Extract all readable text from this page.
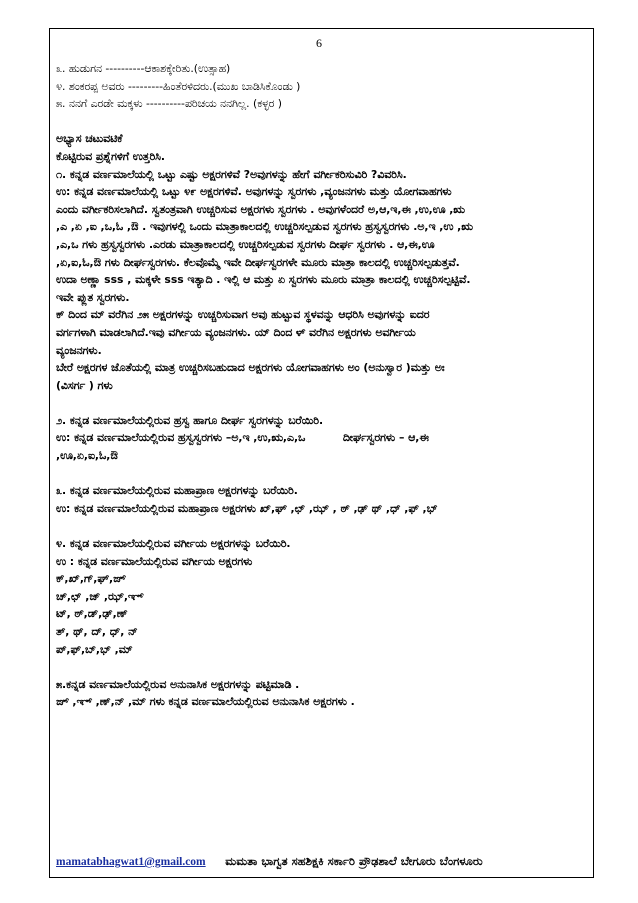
6

೩. ಹುಡುಗನ ----------ಆಕಾಶಕ್ಕೇರಿತು.(ಉತ್ಸಾಹ)

೪. ಶಂಕರಪ್ಪ ಅವರು ---------ಹಿಂತೆರಳಿದರು.(ಮುಖ ಬಾಡಿಸಿಕೊಂಡು )

೫. ನನಗೆ ಎರಡೇ ಮಕ್ಕಳು ----------ಪರಿಚಯ ನನಗಿಲ್ಲ. (ಕಳ್ಳರ )

ಅಭ್ಯಾಸ ಚಟುವಟಿಕೆ

ಕೊಟ್ಟಿರುವ ಪ್ರಶ್ನೆಗಳಿಗೆ ಉತ್ತರಿಸಿ.

೧. ಕನ್ನಡ ವರ್ಣಮಾಲೆಯಲ್ಲಿ ಒಟ್ಟು ಎಷ್ಟು ಅಕ್ಷರಗಳಿವೆ ?ಅವುಗಳನ್ನು ಹೇಗೆ ವರ್ಗೀಕರಿಸುವಿರಿ ?ವಿವರಿಸಿ.

ಉ: ಕನ್ನಡ ವರ್ಣಮಾಲೆಯಲ್ಲಿ ಒಟ್ಟು ೪೯ ಅಕ್ಷರಗಳಿವೆ. ಅವುಗಳನ್ನು ಸ್ವರಗಳು ,ವ್ಯಂಜನಗಳು ಮತ್ತು ಯೋಗವಾಹಗಳು

ಎಂದು ವರ್ಗೀಕರಿಸಲಾಗಿದೆ. ಸ್ವತಂತ್ರವಾಗಿ ಉಚ್ಚರಿಸುವ ಅಕ್ಷರಗಳು ಸ್ವರಗಳು . ಅವುಗಳೆಂದರೆ ಅ,ಆ,ಇ,ಈ ,ಉ,ಊ ,ಋ

,ಎ ,ಏ ,ಐ ,ಒ,ಓ ,ಔ . ಇವುಗಳಲ್ಲಿ ಒಂದು ಮಾತ್ರಾಕಾಲದಲ್ಲಿ ಉಚ್ಚರಿಸಲ್ಪಡುವ ಸ್ವರಗಳು ಹ್ರಸ್ವಸ್ವರಗಳು .ಅ,ಇ ,ಉ ,ಋ

,ಎ,ಒ ಗಳು ಹ್ರಸ್ವಸ್ವರಗಳು .ಎರಡು ಮಾತ್ರಾಕಾಲದಲ್ಲಿ ಉಚ್ಚರಿಸಲ್ಪಡುವ ಸ್ವರಗಳು ದೀರ್ಘ ಸ್ವರಗಳು . ಆ,ಈ,ಊ

,ಏ,ಐ,ಓ,ಔ ಗಳು ದೀರ್ಘಸ್ವರಗಳು. ಕೆಲವೊಮ್ಮೆ ಇವೇ ದೀರ್ಘಸ್ವರಗಳೇ ಮೂರು ಮಾತ್ರಾ ಕಾಲದಲ್ಲಿ ಉಚ್ಚರಿಸಲ್ಪಡುತ್ತವೆ.

ಉದಾ ಅಣ್ಣಾ sss , ಮಕ್ಕಳೇ sss ಇತ್ಯಾದಿ . ಇಲ್ಲಿ ಆ ಮತ್ತು ಏ ಸ್ವರಗಳು ಮೂರು ಮಾತ್ರಾ ಕಾಲದಲ್ಲಿ ಉಚ್ಚರಿಸಲ್ಪಟ್ಟಿವೆ.

ಇವೇ ಪ್ಲುತ ಸ್ವರಗಳು.

ಕ್ ದಿಂದ ಮ್ ವರೆಗಿನ ೨೫ ಅಕ್ಷರಗಳನ್ನು ಉಚ್ಚರಿಸುವಾಗ ಅವು ಹುಟ್ಟುವ ಸ್ಥಳವನ್ನು ಆಧರಿಸಿ ಅವುಗಳನ್ನು ಐದರ

ವರ್ಗಗಳಾಗಿ ಮಾಡಲಾಗಿದೆ.ಇವು ವರ್ಗೀಯ ವ್ಯಂಜನಗಳು. ಯ್ ದಿಂದ ಳ್ ವರೆಗಿನ ಅಕ್ಷರಗಳು ಅವರ್ಗೀಯ

ವ್ಯಂಜನಗಳು.

ಬೇರೆ ಅಕ್ಷರಗಳ ಜೊತೆಯಲ್ಲಿ ಮಾತ್ರ ಉಚ್ಚರಿಸಬಹುದಾದ ಅಕ್ಷರಗಳು ಯೋಗವಾಹಗಳು ಅಂ (ಅನುಸ್ವಾರ )ಮತ್ತು ಅಃ

(ವಿಸರ್ಗ ) ಗಳು

೨. ಕನ್ನಡ ವರ್ಣಮಾಲೆಯಲ್ಲಿರುವ ಹ್ರಸ್ವ ಹಾಗೂ ದೀರ್ಘ ಸ್ವರಗಳನ್ನು ಬರೆಯಿರಿ.

ಉ: ಕನ್ನಡ ವರ್ಣಮಾಲೆಯಲ್ಲಿರುವ ಹ್ರಸ್ವಸ್ವರಗಳು –ಅ,ಇ ,ಉ,ಋ,ಎ,ಒ          ದೀರ್ಘಸ್ವರಗಳು – ಆ,ಈ

,ಊ,ಏ,ಐ,ಓ,ಔ

೩. ಕನ್ನಡ ವರ್ಣಮಾಲೆಯಲ್ಲಿರುವ ಮಹಾಪ್ರಾಣ ಅಕ್ಷರಗಳನ್ನು ಬರೆಯಿರಿ.

ಉ: ಕನ್ನಡ ವರ್ಣಮಾಲೆಯಲ್ಲಿರುವ ಮಹಾಪ್ರಾಣ ಅಕ್ಷರಗಳು ಖ್,ಘ್ ,ಛ್ ,ಝ್ , ಠ್ ,ಢ್ ಥ್ ,ಧ್ ,ಫ್ ,ಭ್

೪. ಕನ್ನಡ ವರ್ಣಮಾಲೆಯಲ್ಲಿರುವ ವರ್ಗೀಯ ಅಕ್ಷರಗಳನ್ನು ಬರೆಯಿರಿ.

ಉ : ಕನ್ನಡ ವರ್ಣಮಾಲೆಯಲ್ಲಿರುವ ವರ್ಗೀಯ ಅಕ್ಷರಗಳು

ಕ್,ಖ್,ಗ್,ಘ್,ಙ್

ಚ್,ಛ್ ,ಜ್ ,ಝ್,ಞ್

ಟ್, ಠ್,ಡ್,ಢ್,ಣ್

ತ್, ಥ್, ದ್, ಧ್, ನ್

ಪ್,ಫ್,ಬ್,ಭ್ ,ಮ್

೫.ಕನ್ನಡ ವರ್ಣಮಾಲೆಯಲ್ಲಿರುವ ಅನುನಾಸಿಕ ಅಕ್ಷರಗಳನ್ನು ಪಟ್ಟಿಮಾಡಿ .

ಙ್ ,ಞ್ ,ಣ್,ನ್ ,ಮ್ ಗಳು ಕನ್ನಡ ವರ್ಣಮಾಲೆಯಲ್ಲಿರುವ ಅನುನಾಸಿಕ ಅಕ್ಷರಗಳು .

mamatabhagwat1@gmail.com ಮಮತಾ ಭಾಗ್ವತ ಸಹಶಿಕ್ಷಕಿ ಸರ್ಕಾರಿ ಪ್ರೌಢಶಾಲೆ ಬೇಗೂರು ಬೆಂಗಳೂರು
